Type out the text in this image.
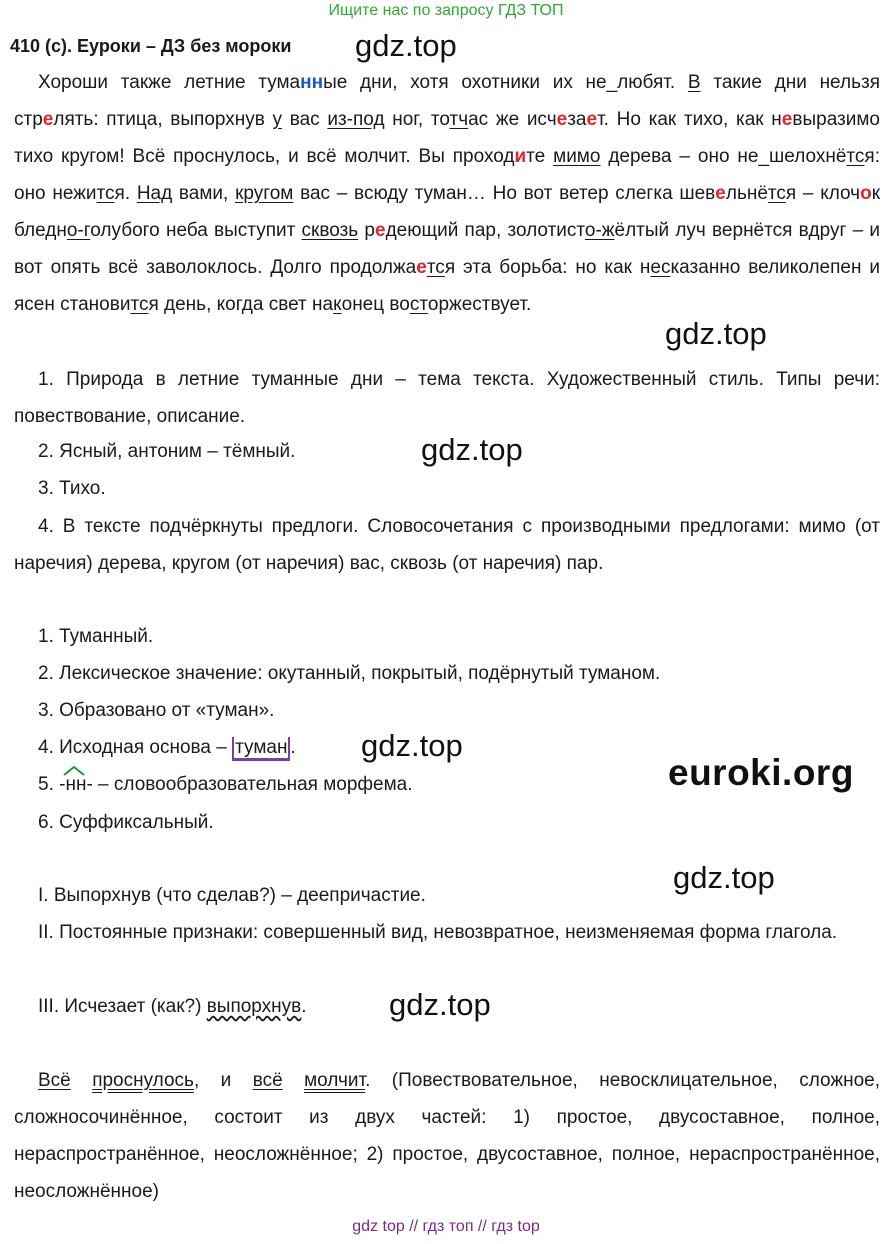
Ищите нас по запросу ГДЗ ТОП
410 (c). Еуроки – ДЗ без мороки
Хороши также летние туманные дни, хотя охотники их не_любят. В такие дни нельзя стрелять: птица, выпорхнув у вас из-под ног, тотчас же исчезает. Но как тихо, как невыразимо тихо кругом! Всё проснулось, и всё молчит. Вы проходите мимо дерева – оно не_шелохнётся: оно нежится. Над вами, кругом вас – всюду туман… Но вот ветер слегка шевельнётся – клочок бледно-голубого неба выступит сквозь редеющий пар, золотисто-жёлтый луч вернётся вдруг – и вот опять всё заволоклось. Долго продолжается эта борьба: но как несказанно великолепен и ясен становится день, когда свет наконец восторжествует.
1. Природа в летние туманные дни – тема текста. Художественный стиль. Типы речи: повествование, описание.
2. Ясный, антоним – тёмный.
3. Тихо.
4. В тексте подчёркнуты предлоги. Словосочетания с производными предлогами: мимо (от наречия) дерева, кругом (от наречия) вас, сквозь (от наречия) пар.
1. Туманный.
2. Лексическое значение: окутанный, покрытый, подёрнутый туманом.
3. Образовано от «туман».
4. Исходная основа – туман .
5.
-нн- – словообразовательная морфема.
6. Суффиксальный.
I. Выпорхнув (что сделав?) – деепричастие.
II. Постоянные признаки: совершенный вид, невозвратное, неизменяемая форма глагола.
III. Исчезает (как?) выпорхнув.
Всё проснулось, и всё молчит. (Повествовательное, невосклицательное, сложное, сложносочинённое, состоит из двух частей: 1) простое, двусоставное, полное, нераспространённое, неосложнённое; 2) простое, двусоставное, полное, нераспространённое, неосложнённое)
gdz.top
gdz.top
gdz.top
gdz.top
gdz.top
gdz.top
euroki.org
gdz top // гдз топ // гдз top
